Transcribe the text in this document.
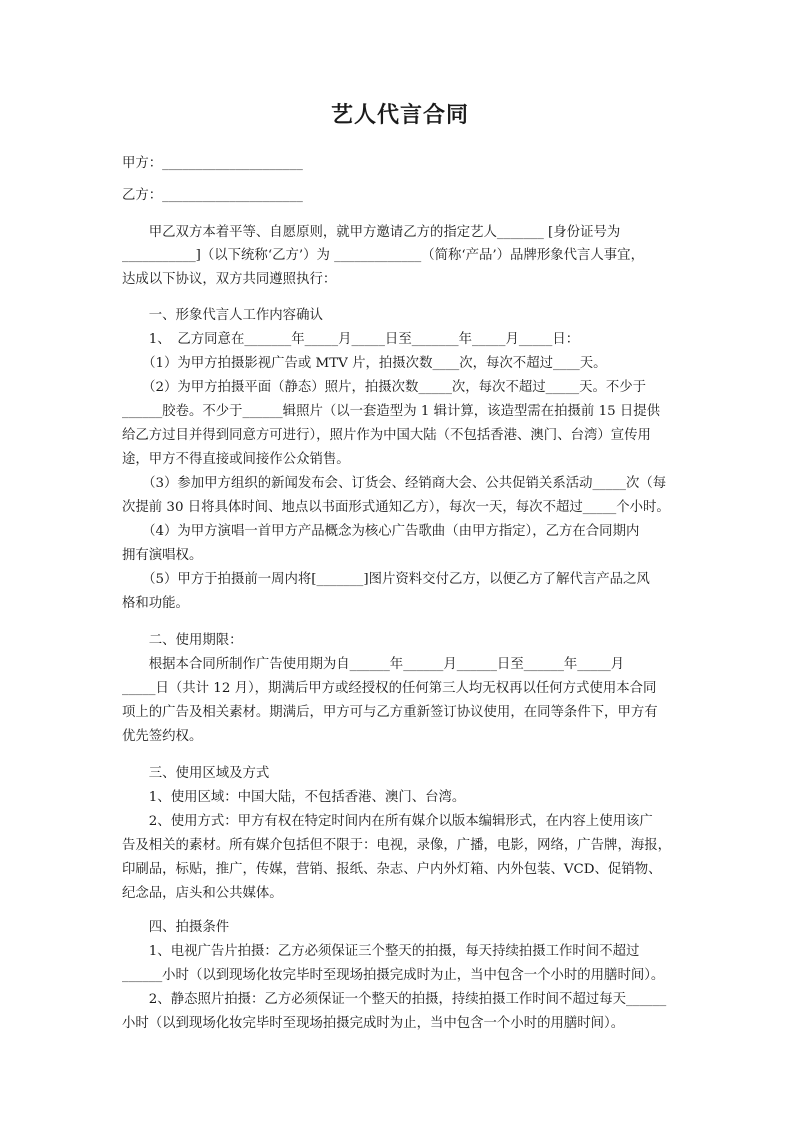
艺人代言合同
甲方：_____________________
乙方：_____________________
　　甲乙双方本着平等、自愿原则，就甲方邀请乙方的指定艺人_______ [身份证号为
___________]（以下统称‘乙方’）为 _____________（简称‘产品’）品牌形象代言人事宜，
达成以下协议，双方共同遵照执行：
　　一、形象代言人工作内容确认
　　1、　乙方同意在_______年_____月_____日至_______年_____月_____日：
　　（1）为甲方拍摄影视广告或 MTV 片，拍摄次数____次，每次不超过____天。
　　（2）为甲方拍摄平面（静态）照片，拍摄次数_____次，每次不超过_____天。不少于
______胶卷。不少于______辑照片（以一套造型为 1 辑计算，该造型需在拍摄前 15 日提供
给乙方过目并得到同意方可进行），照片作为中国大陆（不包括香港、澳门、台湾）宣传用
途，甲方不得直接或间接作公众销售。
　　（3）参加甲方组织的新闻发布会、订货会、经销商大会、公共促销关系活动_____次（每
次提前 30 日将具体时间、地点以书面形式通知乙方），每次一天，每次不超过_____个小时。
　　（4）为甲方演唱一首甲方产品概念为核心广告歌曲（由甲方指定），乙方在合同期内
拥有演唱权。
　　（5）甲方于拍摄前一周内将[_______]图片资料交付乙方，以便乙方了解代言产品之风
格和功能。
　　二、使用期限：
　　根据本合同所制作广告使用期为自______年______月______日至______年_____月
_____日（共计 12 月），期满后甲方或经授权的任何第三人均无权再以任何方式使用本合同
项上的广告及相关素材。期满后，甲方可与乙方重新签订协议使用，在同等条件下，甲方有
优先签约权。
　　三、使用区域及方式
　　1、使用区域：中国大陆，不包括香港、澳门、台湾。
　　2、使用方式：甲方有权在特定时间内在所有媒介以版本编辑形式，在内容上使用该广
告及相关的素材。所有媒介包括但不限于：电视，录像，广播，电影，网络，广告牌，海报，
印刷品，标贴，推广，传媒，营销、报纸、杂志、户内外灯箱、内外包装、VCD、促销物、
纪念品，店头和公共媒体。
　　四、拍摄条件
　　1、电视广告片拍摄：乙方必须保证三个整天的拍摄，每天持续拍摄工作时间不超过
______小时（以到现场化妆完毕时至现场拍摄完成时为止，当中包含一个小时的用膳时间）。
　　2、静态照片拍摄：乙方必须保证一个整天的拍摄，持续拍摄工作时间不超过每天______
小时（以到现场化妆完毕时至现场拍摄完成时为止，当中包含一个小时的用膳时间）。
